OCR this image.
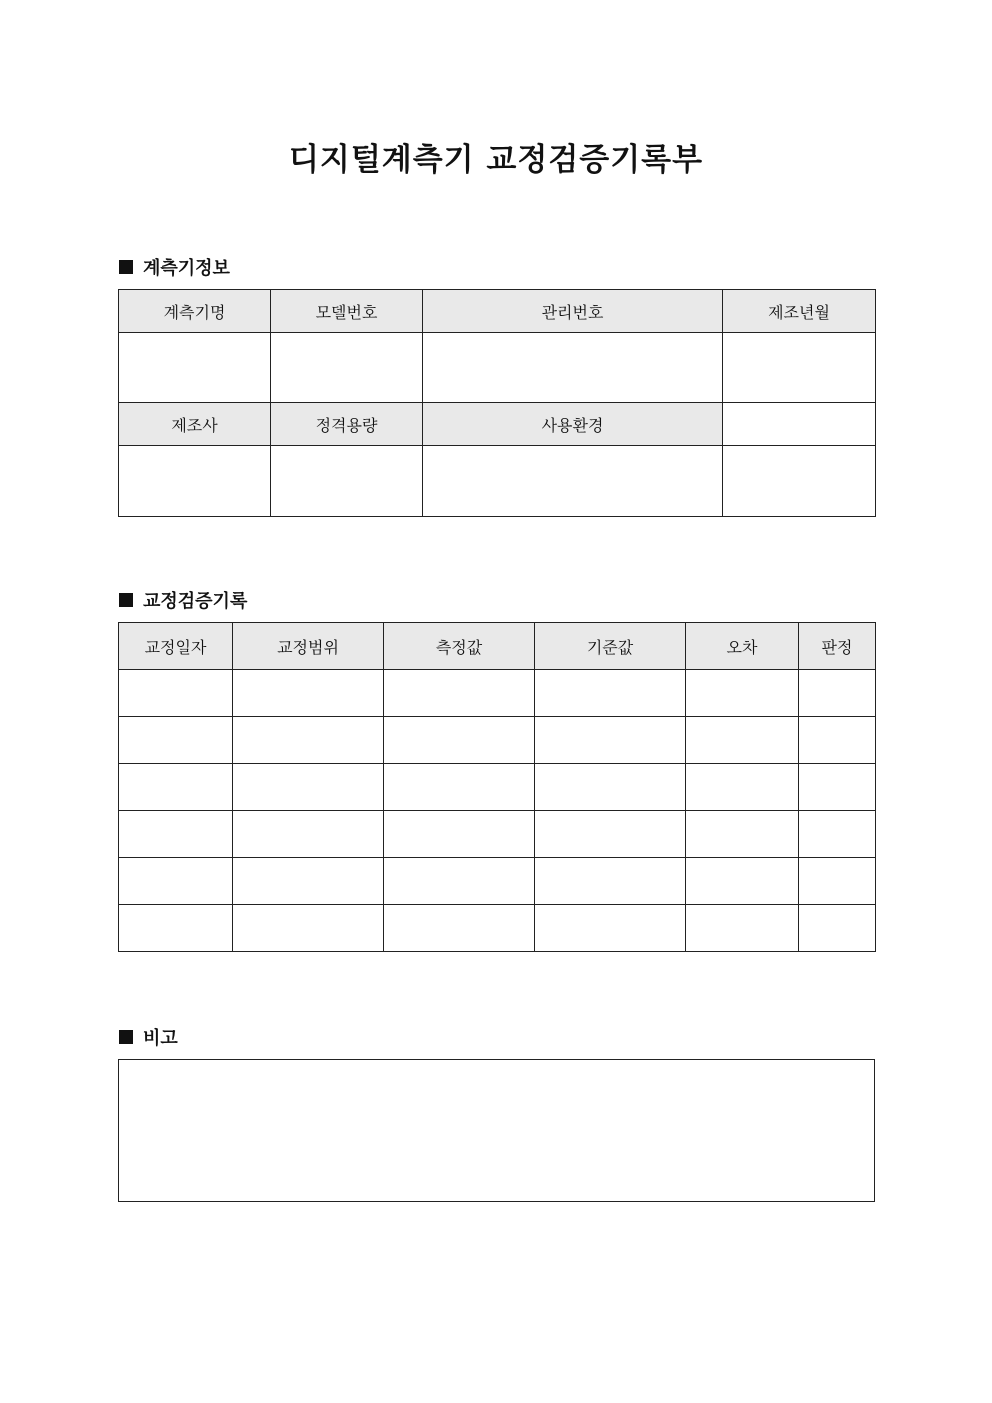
디지털계측기 교정검증기록부
계측기정보
계측기명	모델번호	관리번호	제조년월

제조사	정격용량	사용환경	

교정검증기록
교정일자	교정범위	측정값	기준값	오차	판정

비고
